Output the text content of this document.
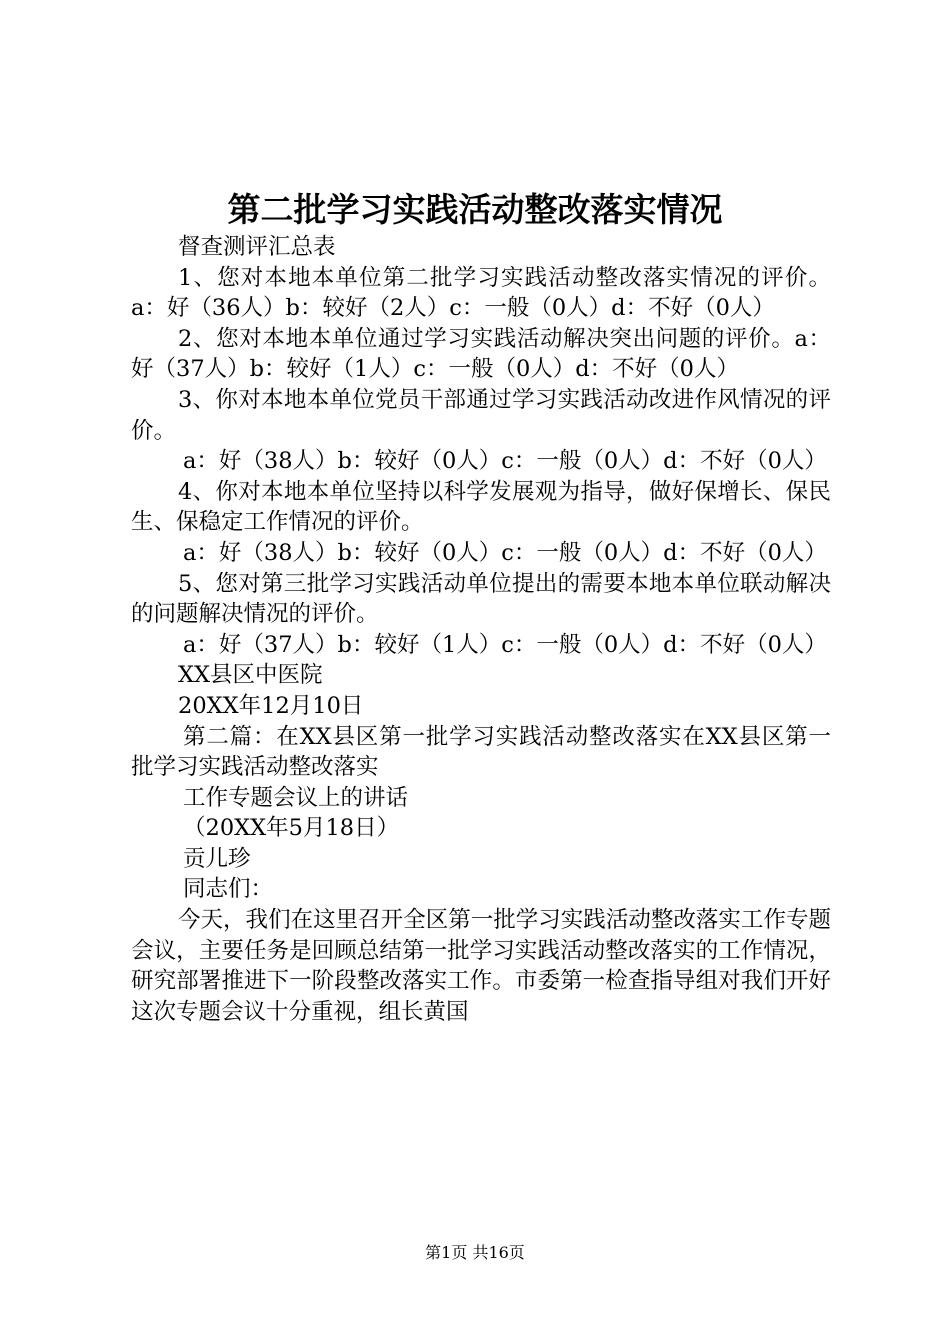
第二批学习实践活动整改落实情况

督查测评汇总表

1、您对本地本单位第二批学习实践活动整改落实情况的评价。a：好（36人）b：较好（2人）c：一般（0人）d：不好（0人）

2、您对本地本单位通过学习实践活动解决突出问题的评价。a：好（37人）b：较好（1人）c：一般（0人）d：不好（0人）

3、你对本地本单位党员干部通过学习实践活动改进作风情况的评价。

a：好（38人）b：较好（0人）c：一般（0人）d：不好（0人）

4、你对本地本单位坚持以科学发展观为指导，做好保增长、保民生、保稳定工作情况的评价。

a：好（38人）b：较好（0人）c：一般（0人）d：不好（0人）

5、您对第三批学习实践活动单位提出的需要本地本单位联动解决的问题解决情况的评价。

a：好（37人）b：较好（1人）c：一般（0人）d：不好（0人）

XX县区中医院

20XX年12月10日

第二篇：在XX县区第一批学习实践活动整改落实在XX县区第一批学习实践活动整改落实

工作专题会议上的讲话

（20XX年5月18日）

贡儿珍

同志们：

今天，我们在这里召开全区第一批学习实践活动整改落实工作专题会议，主要任务是回顾总结第一批学习实践活动整改落实的工作情况，研究部署推进下一阶段整改落实工作。市委第一检查指导组对我们开好这次专题会议十分重视，组长黄国

第1页 共16页
